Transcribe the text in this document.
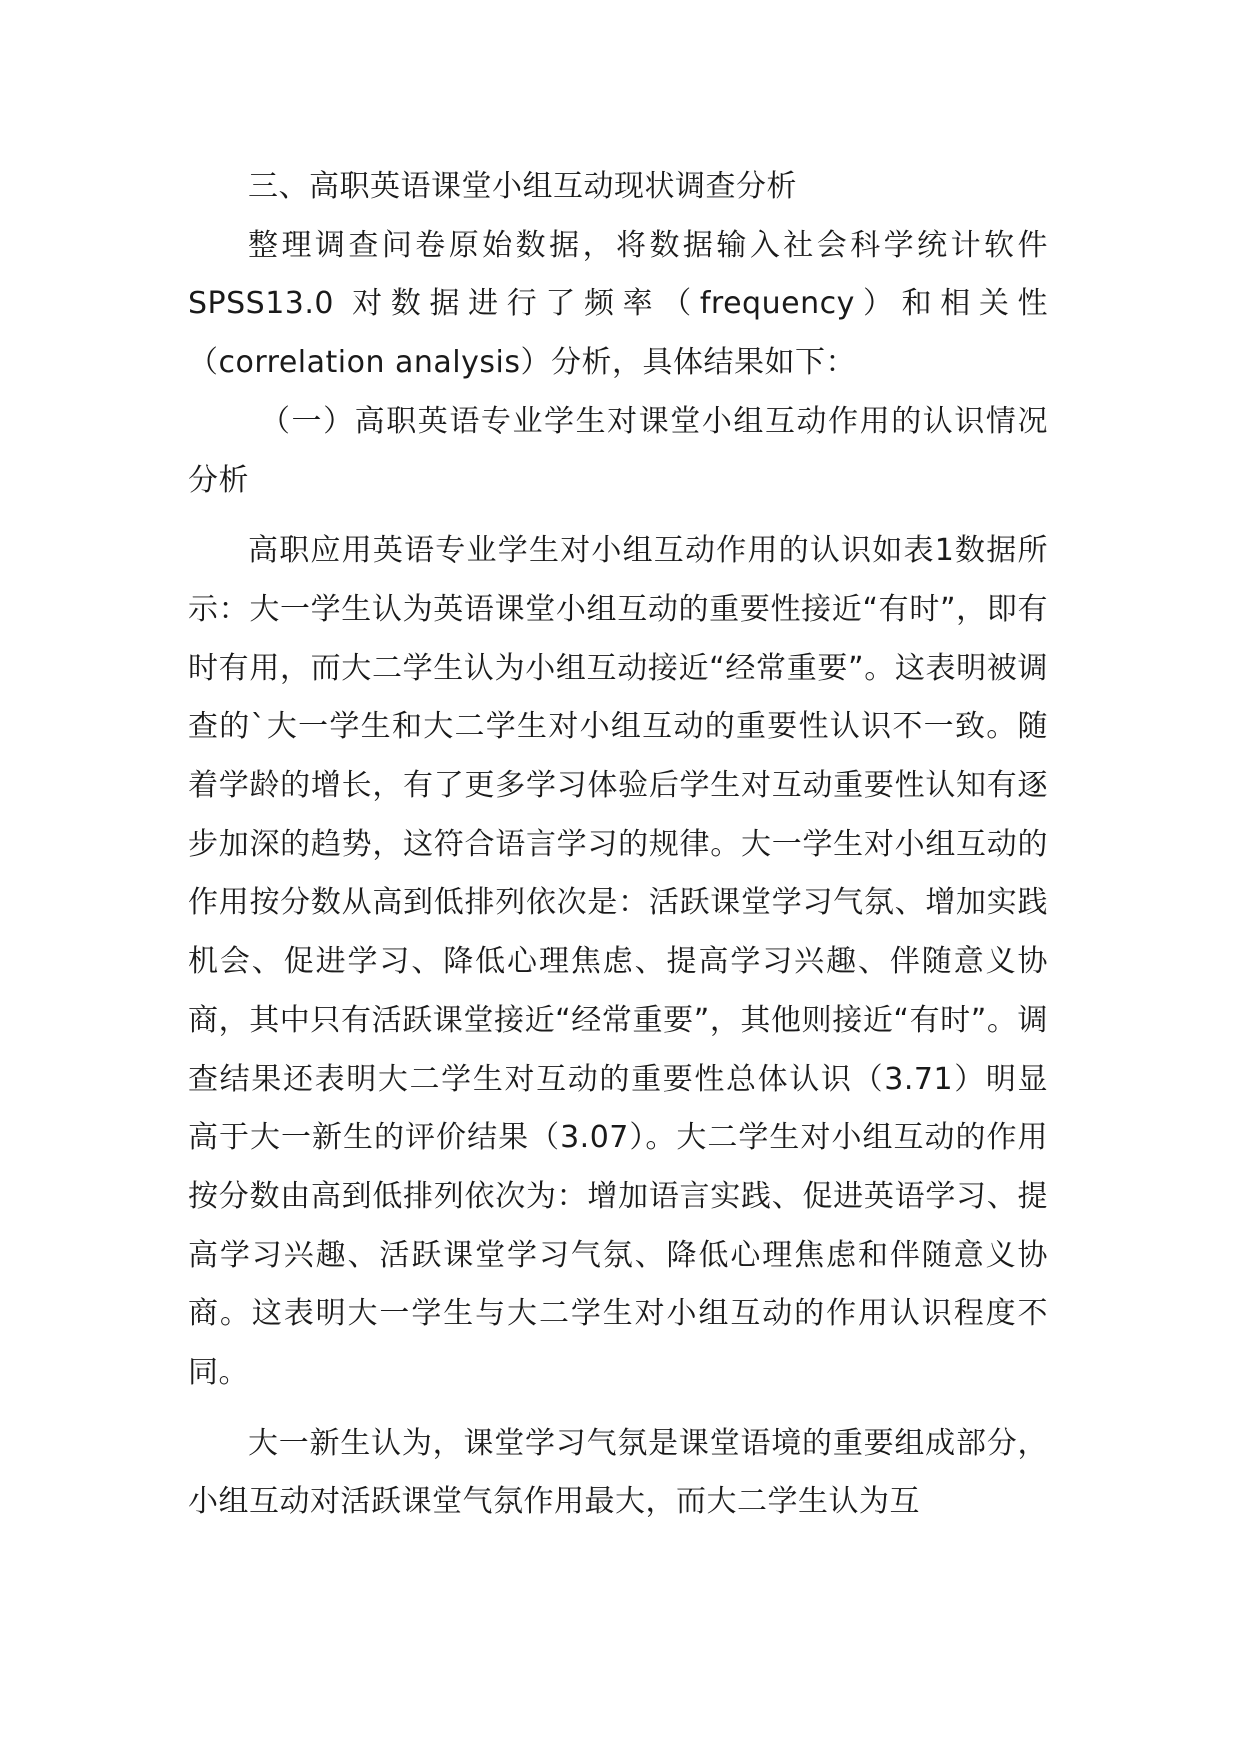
三、高职英语课堂小组互动现状调查分析

整理调查问卷原始数据，将数据输入社会科学统计软件SPSS13.0 对数据进行了频率（frequency）和相关性（correlation analysis）分析，具体结果如下：

（一）高职英语专业学生对课堂小组互动作用的认识情况分析

高职应用英语专业学生对小组互动作用的认识如表1数据所示：大一学生认为英语课堂小组互动的重要性接近“有时”，即有时有用，而大二学生认为小组互动接近“经常重要”。这表明被调查的`大一学生和大二学生对小组互动的重要性认识不一致。随着学龄的增长，有了更多学习体验后学生对互动重要性认知有逐步加深的趋势，这符合语言学习的规律。大一学生对小组互动的作用按分数从高到低排列依次是：活跃课堂学习气氛、增加实践机会、促进学习、降低心理焦虑、提高学习兴趣、伴随意义协商，其中只有活跃课堂接近“经常重要”，其他则接近“有时”。调查结果还表明大二学生对互动的重要性总体认识（3.71）明显高于大一新生的评价结果（3.07）。大二学生对小组互动的作用按分数由高到低排列依次为：增加语言实践、促进英语学习、提高学习兴趣、活跃课堂学习气氛、降低心理焦虑和伴随意义协商。这表明大一学生与大二学生对小组互动的作用认识程度不同。

大一新生认为，课堂学习气氛是课堂语境的重要组成部分，小组互动对活跃课堂气氛作用最大，而大二学生认为互
